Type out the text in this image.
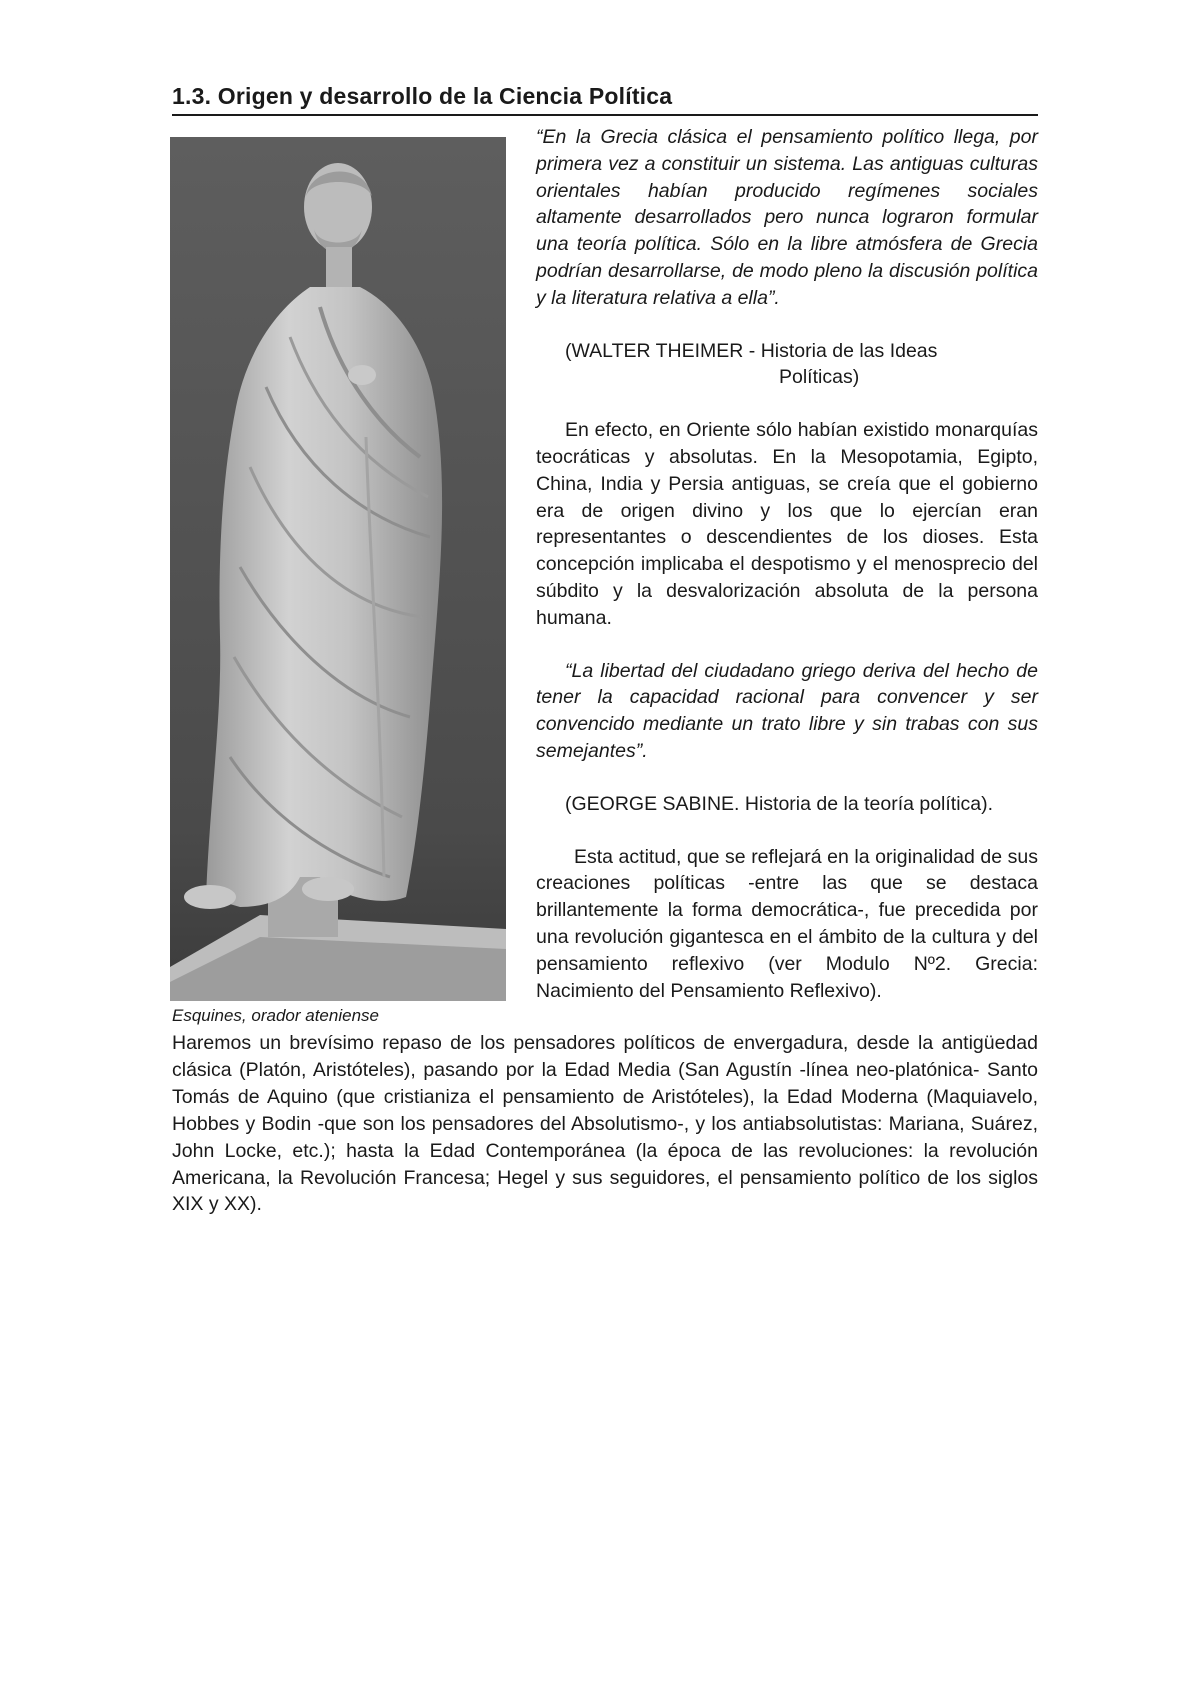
1.3. Origen y desarrollo de la Ciencia Política
Esquines, orador ateniense

“En la Grecia clásica el pensamiento político llega, por primera vez a constituir un sistema. Las antiguas culturas orientales habían producido regímenes sociales altamente desarrollados pero nunca lograron formular una teoría política. Sólo en la libre atmósfera de Grecia podrían desarrollarse, de modo pleno la discusión política y la literatura relativa a ella”.

(WALTER THEIMER - Historia de las Ideas

Políticas)

En efecto, en Oriente sólo habían existido monarquías teocráticas y absolutas. En la Mesopotamia, Egipto, China, India y Persia antiguas, se creía que el gobierno era de origen divino y los que lo ejercían eran representantes o descendientes de los dioses. Esta concepción implicaba el despotismo y el menosprecio del súbdito y la desvalorización absoluta de la persona humana.

“La libertad del ciudadano griego deriva del hecho de tener la capacidad racional para convencer y ser convencido mediante un trato libre y sin trabas con sus semejantes”.

(GEORGE SABINE. Historia de la teoría política).

Esta actitud, que se reflejará en la originalidad de sus creaciones políticas -entre las que se destaca brillantemente la forma democrática-, fue precedida por una revolución gigantesca en el ámbito de la cultura y del pensamiento reflexivo (ver Modulo Nº2. Grecia: Nacimiento del Pensamiento Reflexivo).

Haremos un brevísimo repaso de los pensadores políticos de envergadura, desde la antigüedad clásica (Platón, Aristóteles), pasando por la Edad Media (San Agustín -línea neo-platónica- Santo Tomás de Aquino (que cristianiza el pensamiento de Aristóteles), la Edad Moderna (Maquiavelo, Hobbes y Bodin -que son los pensadores del Absolutismo-, y los antiabsolutistas: Mariana, Suárez, John Locke, etc.); hasta la Edad Contemporánea (la época de las revoluciones: la revolución Americana, la Revolución Francesa; Hegel y sus seguidores, el pensamiento político de los siglos XIX y XX).
